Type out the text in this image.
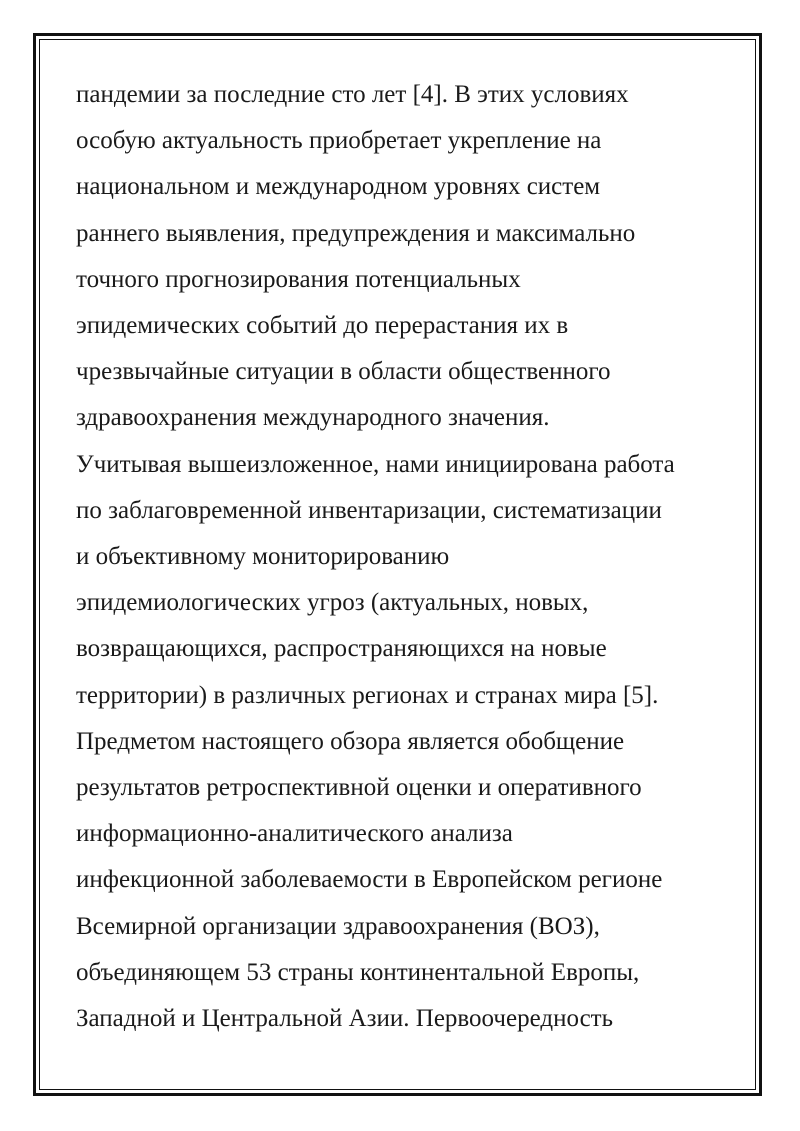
пандемии за последние сто лет [4]. В этих условиях
особую актуальность приобретает укрепление на
национальном и международном уровнях систем
раннего выявления, предупреждения и максимально
точного прогнозирования потенциальных
эпидемических событий до перерастания их в
чрезвычайные ситуации в области общественного
здравоохранения международного значения.
Учитывая вышеизложенное, нами инициирована работа
по заблаговременной инвентаризации, систематизации
и объективному мониторированию
эпидемиологических угроз (актуальных, новых,
возвращающихся, распространяющихся на новые
территории) в различных регионах и странах мира [5].
Предметом настоящего обзора является обобщение
результатов ретроспективной оценки и оперативного
информационно-аналитического анализа
инфекционной заболеваемости в Европейском регионе
Всемирной организации здравоохранения (ВОЗ),
объединяющем 53 страны континентальной Европы,
Западной и Центральной Азии. Первоочередность
